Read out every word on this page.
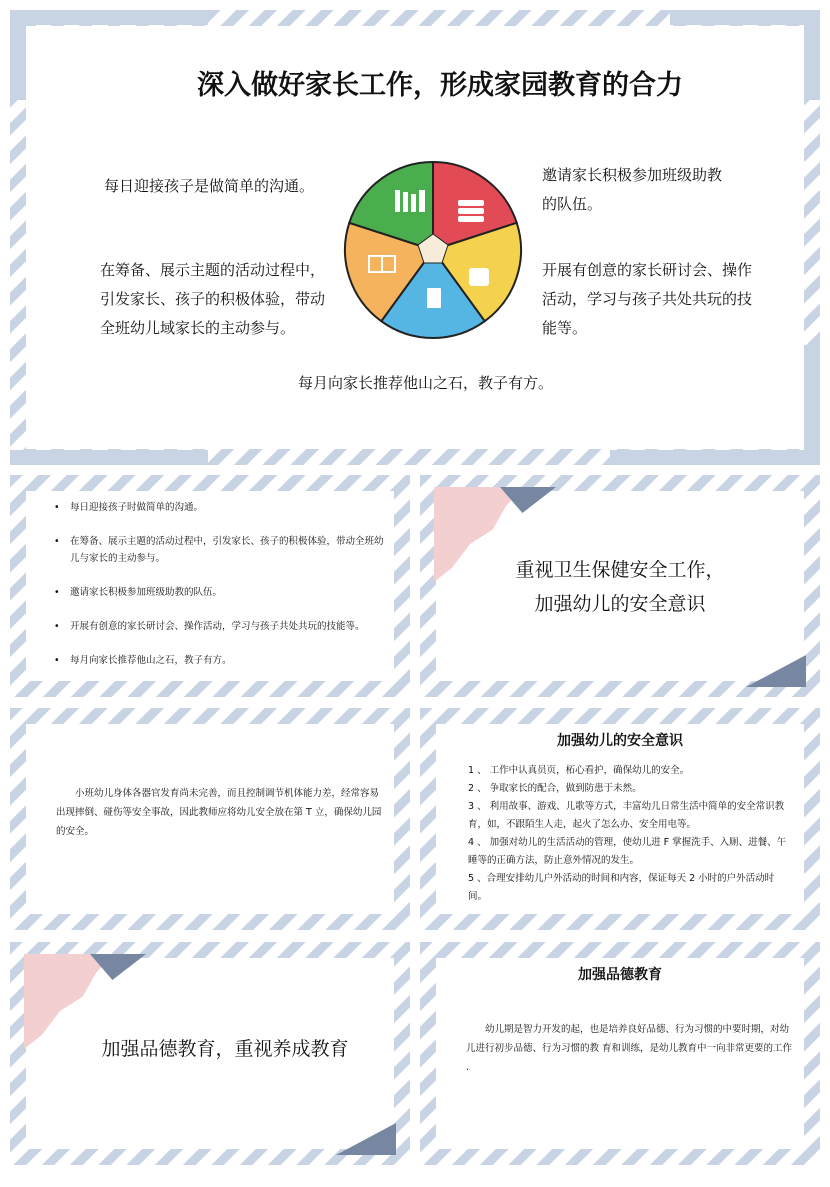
深入做好家长工作，形成家园教育的合力
每日迎接孩子是做简单的沟通。
在筹备、展示主题的活动过程中，引发家长、孩子的积极体验，带动全班幼儿域家长的主动参与。
邀请家长积极参加班级助教的队伍。
开展有创意的家长研讨会、操作活动，学习与孩子共处共玩的技能等。
每月向家长推荐他山之石，教子有方。
• 每日迎接孩子时做简单的沟通。
• 在筹备、展示主题的活动过程中，引发家长、孩子的积极体验，带动全班幼儿与家长的主动参与。
• 邀请家长积极参加班级助教的队伍。
• 开展有创意的家长研讨会、操作活动，学习与孩子共处共玩的技能等。
• 每月向家长推荐他山之石，教子有方。
重视卫生保健安全工作，
加强幼儿的安全意识
小班幼儿身体各器官发育尚未完善，而且控制调节机体能力差，经常容易出现摔倒、碰伤等安全事故，因此教师应将幼儿安全放在第 T 立，确保幼儿园的安全。
加强幼儿的安全意识
1 、 工作中认真员页，柘心看护，确保幼儿的安全。
2 、 争取家长的配合，做到防患于未然。
3 、 利用故事、游戏、儿歌等方式，丰富幼儿日常生活中简单的安全常识教育，如，不跟陌生人走，起火了怎么办、安全用电等。
4 、 加强对幼儿的生活活动的管理，使幼儿进 F 掌握洗手、入厕、进餐、午睡等的正确方法，防止意外情况的发生。
5 、合理安排幼儿户外活动的时间和内容，保证每天 2 小时的户外活动时间。
加强品德教育，重视养成教育
加强品德教育
幼儿期是智力开发的起，也是培养良好品德、行为习惯的中要时期，对幼儿进行初步品德、行为习惯的教 育和训练，是幼儿教育中一向非常更要的工作 .
